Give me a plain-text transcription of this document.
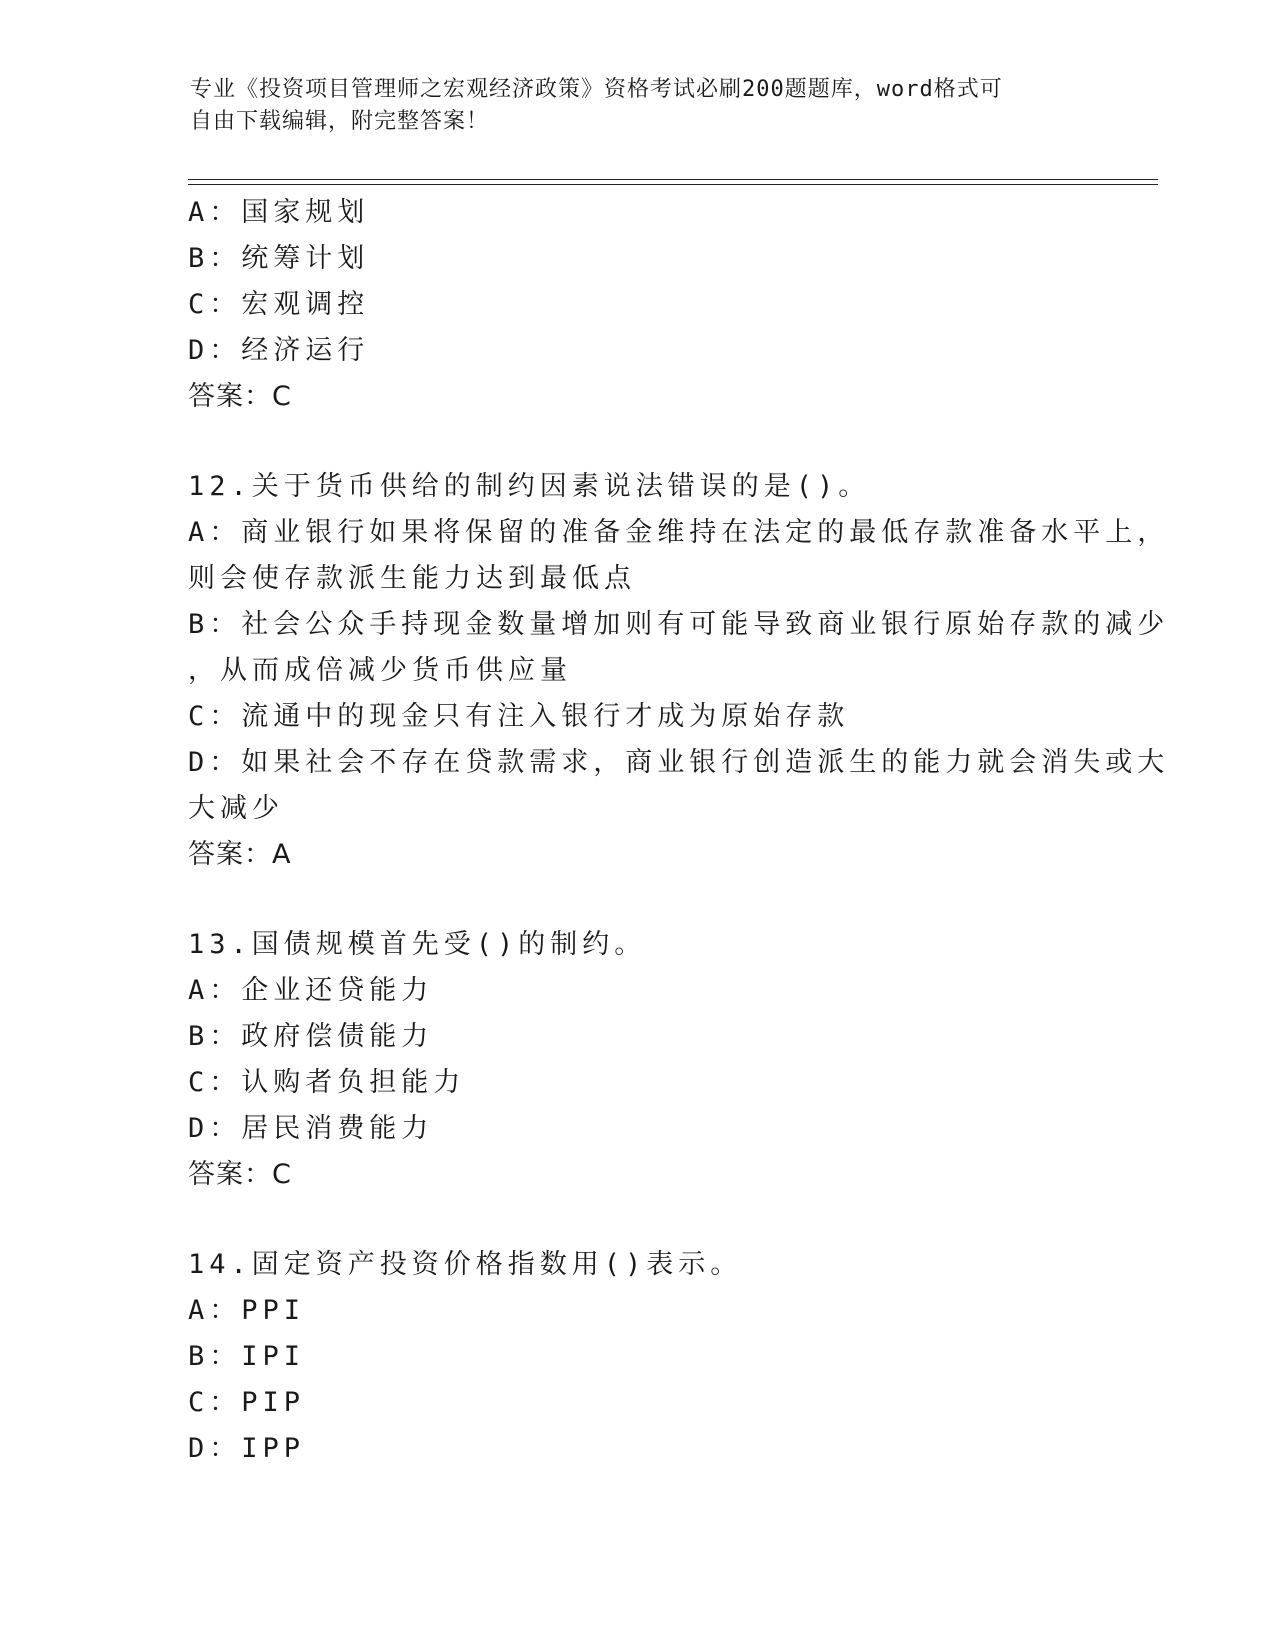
专业《投资项目管理师之宏观经济政策》资格考试必刷200题题库，word格式可
自由下载编辑，附完整答案！
A：国家规划
B：统筹计划
C：宏观调控
D：经济运行
答案：C
12.关于货币供给的制约因素说法错误的是()。
A：商业银行如果将保留的准备金维持在法定的最低存款准备水平上，
则会使存款派生能力达到最低点
B：社会公众手持现金数量增加则有可能导致商业银行原始存款的减少
，从而成倍减少货币供应量
C：流通中的现金只有注入银行才成为原始存款
D：如果社会不存在贷款需求，商业银行创造派生的能力就会消失或大
大减少
答案：A
13.国债规模首先受()的制约。
A：企业还贷能力
B：政府偿债能力
C：认购者负担能力
D：居民消费能力
答案：C
14.固定资产投资价格指数用()表示。
A：PPI
B：IPI
C：PIP
D：IPP
